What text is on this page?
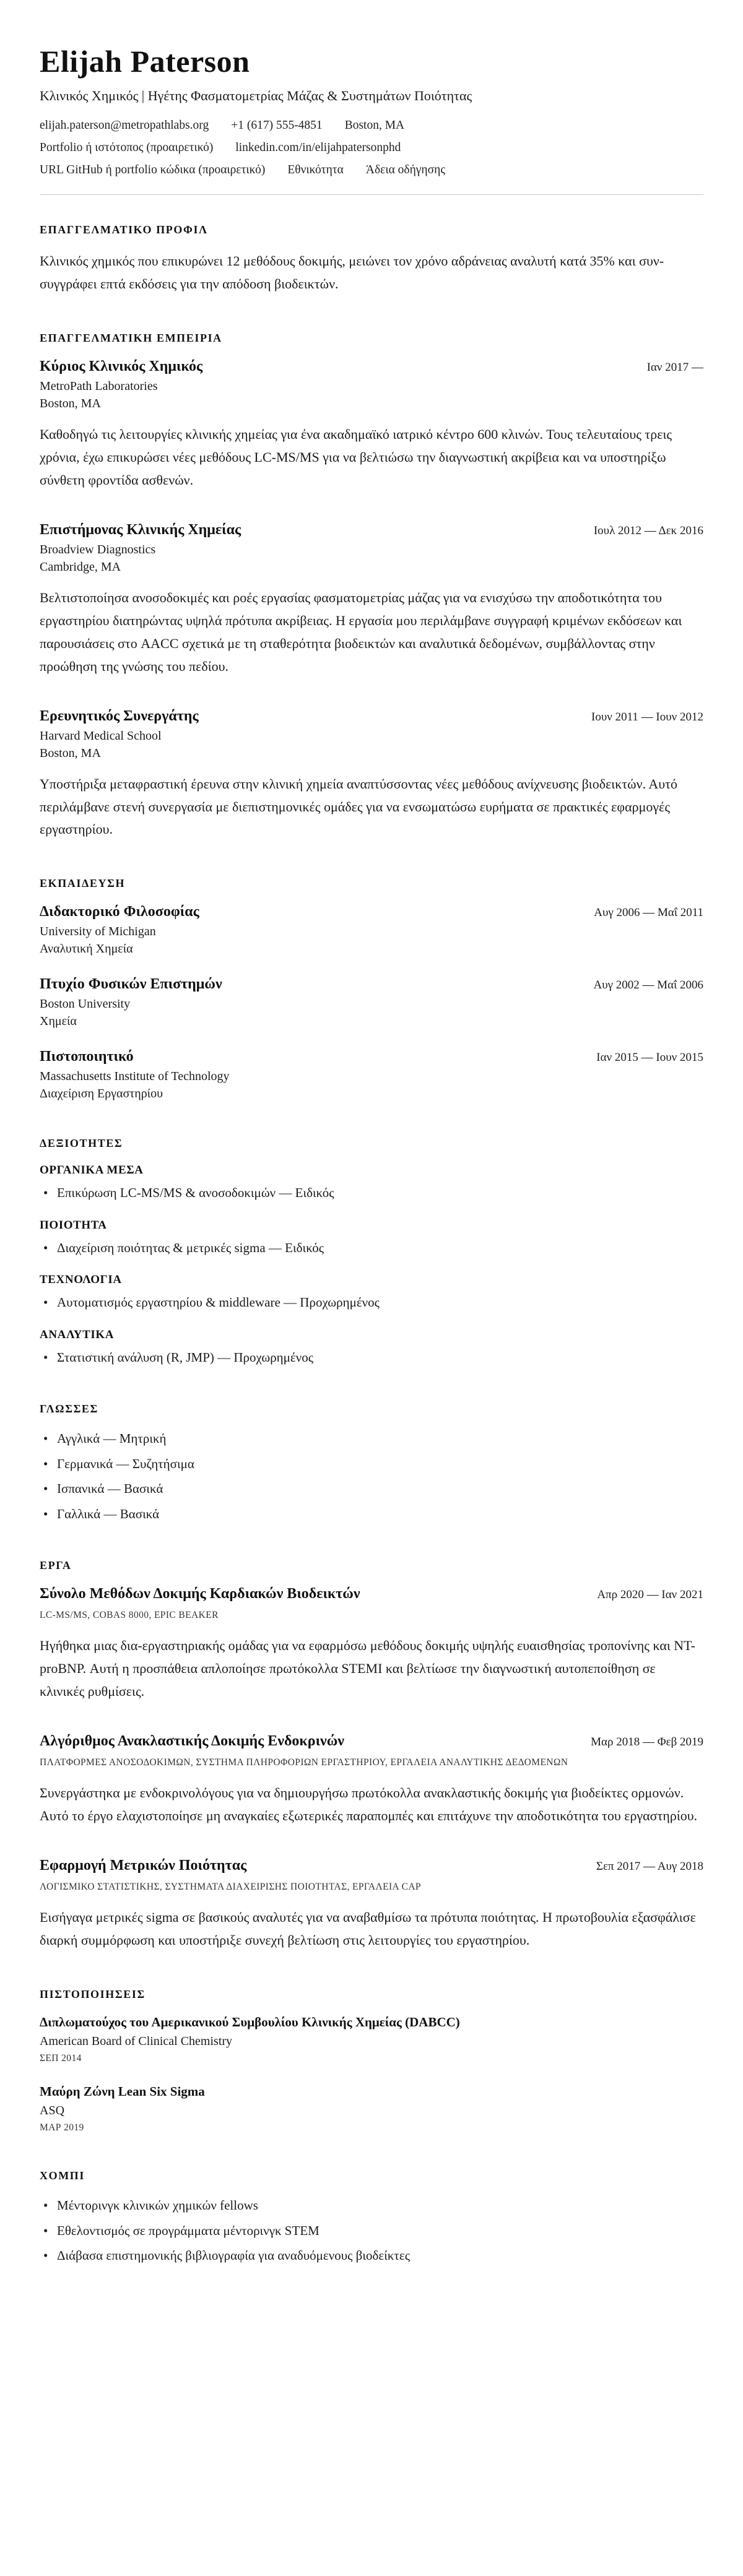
Elijah Paterson
Κλινικός Χημικός | Ηγέτης Φασματομετρίας Μάζας & Συστημάτων Ποιότητας
elijah.paterson@metropathlabs.org +1 (617) 555-4851 Boston, MA
Portfolio ή ιστότοπος (προαιρετικό) linkedin.com/in/elijahpatersonphd
URL GitHub ή portfolio κώδικα (προαιρετικό) Εθνικότητα Άδεια οδήγησης
ΕΠΑΓΓΕΛΜΑΤΙΚΟ ΠΡΟΦΙΛ

Κλινικός χημικός που επικυρώνει 12 μεθόδους δοκιμής, μειώνει τον χρόνο αδράνειας αναλυτή κατά 35% και συν-συγγράφει επτά εκδόσεις για την απόδοση βιοδεικτών.

ΕΠΑΓΓΕΛΜΑΤΙΚΗ ΕΜΠΕΙΡΙΑ
Κύριος Κλινικός Χημικός	Ιαν 2017 —
MetroPath Laboratories
Boston, MA

Καθοδηγώ τις λειτουργίες κλινικής χημείας για ένα ακαδημαϊκό ιατρικό κέντρο 600 κλινών. Τους τελευταίους τρεις χρόνια, έχω επικυρώσει νέες μεθόδους LC-MS/MS για να βελτιώσω την διαγνωστική ακρίβεια και να υποστηρίξω σύνθετη φροντίδα ασθενών.

Επιστήμονας Κλινικής Χημείας	Ιουλ 2012 — Δεκ 2016
Broadview Diagnostics
Cambridge, MA

Βελτιστοποίησα ανοσοδοκιμές και ροές εργασίας φασματομετρίας μάζας για να ενισχύσω την αποδοτικότητα του εργαστηρίου διατηρώντας υψηλά πρότυπα ακρίβειας. Η εργασία μου περιλάμβανε συγγραφή κριμένων εκδόσεων και παρουσιάσεις στο AACC σχετικά με τη σταθερότητα βιοδεικτών και αναλυτικά δεδομένων, συμβάλλοντας στην προώθηση της γνώσης του πεδίου.

Ερευνητικός Συνεργάτης	Ιουν 2011 — Ιουν 2012
Harvard Medical School
Boston, MA

Υποστήριξα μεταφραστική έρευνα στην κλινική χημεία αναπτύσσοντας νέες μεθόδους ανίχνευσης βιοδεικτών. Αυτό περιλάμβανε στενή συνεργασία με διεπιστημονικές ομάδες για να ενσωματώσω ευρήματα σε πρακτικές εφαρμογές εργαστηρίου.

ΕΚΠΑΙΔΕΥΣΗ
Διδακτορικό Φιλοσοφίας	Αυγ 2006 — Μαΐ 2011
University of Michigan
Αναλυτική Χημεία
Πτυχίο Φυσικών Επιστημών	Αυγ 2002 — Μαΐ 2006
Boston University
Χημεία
Πιστοποιητικό	Ιαν 2015 — Ιουν 2015
Massachusetts Institute of Technology
Διαχείριση Εργαστηρίου
ΔΕΞΙΟΤΗΤΕΣ
ΟΡΓΑΝΙΚΑ ΜΕΣΑ
• Επικύρωση LC-MS/MS & ανοσοδοκιμών — Ειδικός
ΠΟΙΟΤΗΤΑ
• Διαχείριση ποιότητας & μετρικές sigma — Ειδικός
ΤΕΧΝΟΛΟΓΙΑ
• Αυτοματισμός εργαστηρίου & middleware — Προχωρημένος
ΑΝΑΛΥΤΙΚΑ
• Στατιστική ανάλυση (R, JMP) — Προχωρημένος
ΓΛΩΣΣΕΣ
• Αγγλικά — Μητρική
• Γερμανικά — Συζητήσιμα
• Ισπανικά — Βασικά
• Γαλλικά — Βασικά
ΕΡΓΑ
Σύνολο Μεθόδων Δοκιμής Καρδιακών Βιοδεικτών	Απρ 2020 — Ιαν 2021
LC-MS/MS, COBAS 8000, EPIC BEAKER

Ηγήθηκα μιας δια-εργαστηριακής ομάδας για να εφαρμόσω μεθόδους δοκιμής υψηλής ευαισθησίας τροπονίνης και NT-proBNP. Αυτή η προσπάθεια απλοποίησε πρωτόκολλα STEMI και βελτίωσε την διαγνωστική αυτοπεποίθηση σε κλινικές ρυθμίσεις.

Αλγόριθμος Ανακλαστικής Δοκιμής Ενδοκρινών	Μαρ 2018 — Φεβ 2019
ΠΛΑΤΦΟΡΜΕΣ ΑΝΟΣΟΔΟΚΙΜΩΝ, ΣΥΣΤΗΜΑ ΠΛΗΡΟΦΟΡΙΩΝ ΕΡΓΑΣΤΗΡΙΟΥ, ΕΡΓΑΛΕΙΑ ΑΝΑΛΥΤΙΚΗΣ ΔΕΔΟΜΕΝΩΝ

Συνεργάστηκα με ενδοκρινολόγους για να δημιουργήσω πρωτόκολλα ανακλαστικής δοκιμής για βιοδείκτες ορμονών. Αυτό το έργο ελαχιστοποίησε μη αναγκαίες εξωτερικές παραπομπές και επιτάχυνε την αποδοτικότητα του εργαστηρίου.

Εφαρμογή Μετρικών Ποιότητας	Σεπ 2017 — Αυγ 2018
ΛΟΓΙΣΜΙΚΟ ΣΤΑΤΙΣΤΙΚΗΣ, ΣΥΣΤΗΜΑΤΑ ΔΙΑΧΕΙΡΙΣΗΣ ΠΟΙΟΤΗΤΑΣ, ΕΡΓΑΛΕΙΑ CAP

Εισήγαγα μετρικές sigma σε βασικούς αναλυτές για να αναβαθμίσω τα πρότυπα ποιότητας. Η πρωτοβουλία εξασφάλισε διαρκή συμμόρφωση και υποστήριξε συνεχή βελτίωση στις λειτουργίες του εργαστηρίου.

ΠΙΣΤΟΠΟΙΗΣΕΙΣ
Διπλωματούχος του Αμερικανικού Συμβουλίου Κλινικής Χημείας (DABCC)
American Board of Clinical Chemistry
ΣΕΠ 2014
Μαύρη Ζώνη Lean Six Sigma
ASQ
ΜΑΡ 2019
ΧΟΜΠΙ
• Μέντορινγκ κλινικών χημικών fellows
• Εθελοντισμός σε προγράμματα μέντορινγκ STEM
• Διάβασα επιστημονικής βιβλιογραφία για αναδυόμενους βιοδείκτες
